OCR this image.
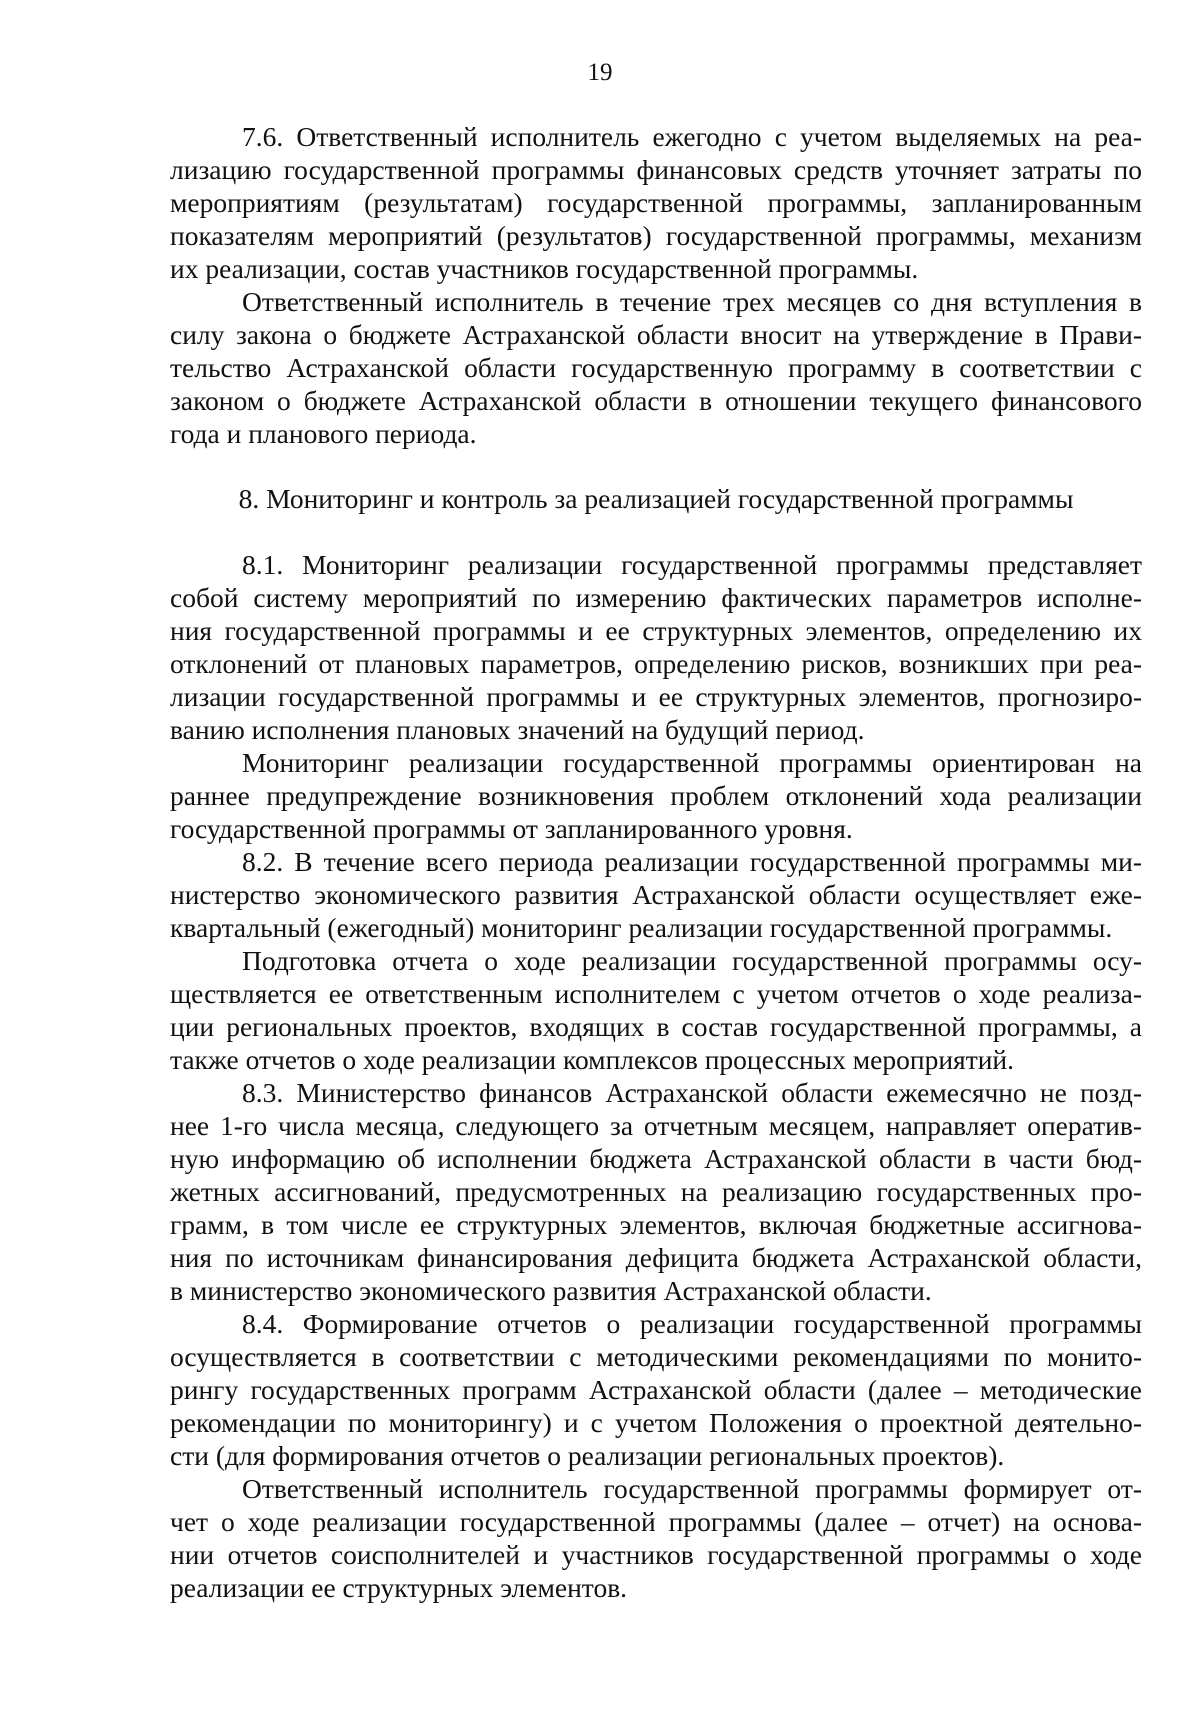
19
7.6. Ответственный исполнитель ежегодно с учетом выделяемых на реа-
лизацию государственной программы финансовых средств уточняет затраты по
мероприятиям (результатам) государственной программы, запланированным
показателям мероприятий (результатов) государственной программы, механизм
их реализации, состав участников государственной программы.
Ответственный исполнитель в течение трех месяцев со дня вступления в
силу закона о бюджете Астраханской области вносит на утверждение в Прави-
тельство Астраханской области государственную программу в соответствии с
законом о бюджете Астраханской области в отношении текущего финансового
года и планового периода.
8. Мониторинг и контроль за реализацией государственной программы
8.1. Мониторинг реализации государственной программы представляет
собой систему мероприятий по измерению фактических параметров исполне-
ния государственной программы и ее структурных элементов, определению их
отклонений от плановых параметров, определению рисков, возникших при реа-
лизации государственной программы и ее структурных элементов, прогнозиро-
ванию исполнения плановых значений на будущий период.
Мониторинг реализации государственной программы ориентирован на
раннее предупреждение возникновения проблем отклонений хода реализации
государственной программы от запланированного уровня.
8.2. В течение всего периода реализации государственной программы ми-
нистерство экономического развития Астраханской области осуществляет еже-
квартальный (ежегодный) мониторинг реализации государственной программы.
Подготовка отчета о ходе реализации государственной программы осу-
ществляется ее ответственным исполнителем с учетом отчетов о ходе реализа-
ции региональных проектов, входящих в состав государственной программы, а
также отчетов о ходе реализации комплексов процессных мероприятий.
8.3. Министерство финансов Астраханской области ежемесячно не позд-
нее 1-го числа месяца, следующего за отчетным месяцем, направляет оператив-
ную информацию об исполнении бюджета Астраханской области в части бюд-
жетных ассигнований, предусмотренных на реализацию государственных про-
грамм, в том числе ее структурных элементов, включая бюджетные ассигнова-
ния по источникам финансирования дефицита бюджета Астраханской области,
в министерство экономического развития Астраханской области.
8.4. Формирование отчетов о реализации государственной программы
осуществляется в соответствии с методическими рекомендациями по монито-
рингу государственных программ Астраханской области (далее – методические
рекомендации по мониторингу) и с учетом Положения о проектной деятельно-
сти (для формирования отчетов о реализации региональных проектов).
Ответственный исполнитель государственной программы формирует от-
чет о ходе реализации государственной программы (далее – отчет) на основа-
нии отчетов соисполнителей и участников государственной программы о ходе
реализации ее структурных элементов.
